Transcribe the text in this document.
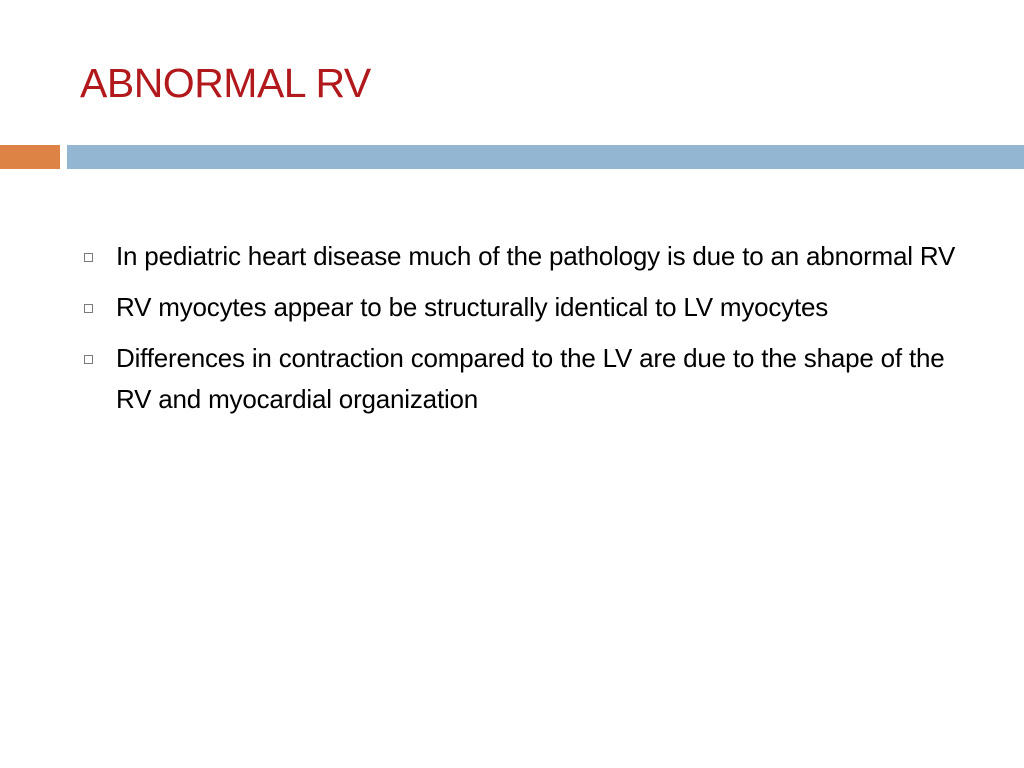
ABNORMAL RV
In pediatric heart disease much of the pathology is due to an abnormal RV
RV myocytes appear to be structurally identical to LV myocytes
Differences in contraction compared to the LV are due to the shape of the RV and myocardial organization
